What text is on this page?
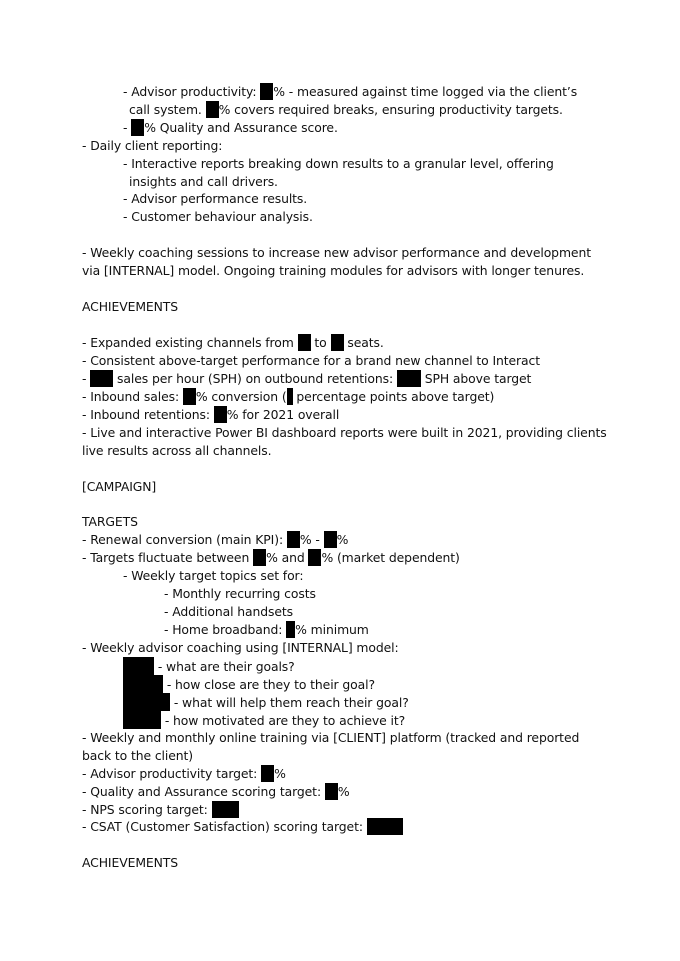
- Advisor productivity: % - measured against time logged via the client’s
call system. % covers required breaks, ensuring productivity targets.
- % Quality and Assurance score.
- Daily client reporting:
- Interactive reports breaking down results to a granular level, offering
insights and call drivers.
- Advisor performance results.
- Customer behaviour analysis.
- Weekly coaching sessions to increase new advisor performance and development
via [INTERNAL] model. Ongoing training modules for advisors with longer tenures.
ACHIEVEMENTS
- Expanded existing channels from  to  seats.
- Consistent above-target performance for a brand new channel to Interact
-  sales per hour (SPH) on outbound retentions:  SPH above target
- Inbound sales: % conversion ( percentage points above target)
- Inbound retentions: % for 2021 overall
- Live and interactive Power BI dashboard reports were built in 2021, providing clients
live results across all channels.
[CAMPAIGN]
TARGETS
- Renewal conversion (main KPI): % - %
- Targets fluctuate between % and % (market dependent)
- Weekly target topics set for:
- Monthly recurring costs
- Additional handsets
- Home broadband: % minimum
- Weekly advisor coaching using [INTERNAL] model:
- what are their goals?
- how close are they to their goal?
- what will help them reach their goal?
- how motivated are they to achieve it?
- Weekly and monthly online training via [CLIENT] platform (tracked and reported
back to the client)
- Advisor productivity target: %
- Quality and Assurance scoring target: %
- NPS scoring target:
- CSAT (Customer Satisfaction) scoring target:
ACHIEVEMENTS
